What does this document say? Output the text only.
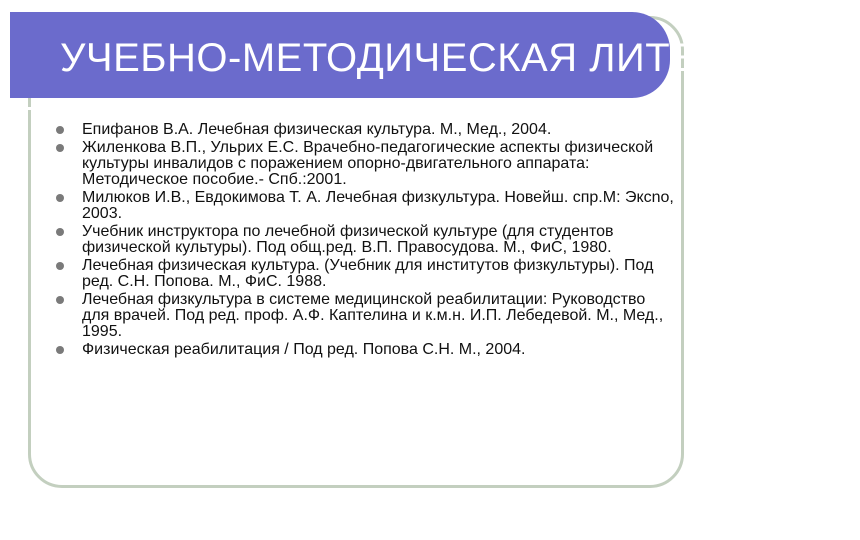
УЧЕБНО-МЕТОДИЧЕСКАЯ ЛИТЕРАТУРА:
Епифанов В.А. Лечебная физическая культура. М., Мед., 2004.
Жиленкова В.П., Ульрих Е.С. Врачебно-педагогические аспекты физической культуры инвалидов с поражением опорно-двигательного аппарата: Методическое пособие.- Спб.:2001.
Милюков И.В., Евдокимова Т. А. Лечебная физкультура. Новейш. спр.М: Эксnо, 2003.
Учебник инструктора по лечебной физической культуре (для студентов физической культуры). Под общ.ред. В.П. Правосудова. М., ФиС, 1980.
Лечебная физическая культура. (Учебник для институтов физкультуры). Под ред. С.Н. Попова. М., ФиС. 1988.
Лечебная физкультура в системе медицинской реабилитации: Руководство для врачей. Под ред. проф. А.Ф. Каптелина и к.м.н. И.П. Лебедевой. М., Мед., 1995.
Физическая реабилитация / Под ред. Попова С.Н. М., 2004.
